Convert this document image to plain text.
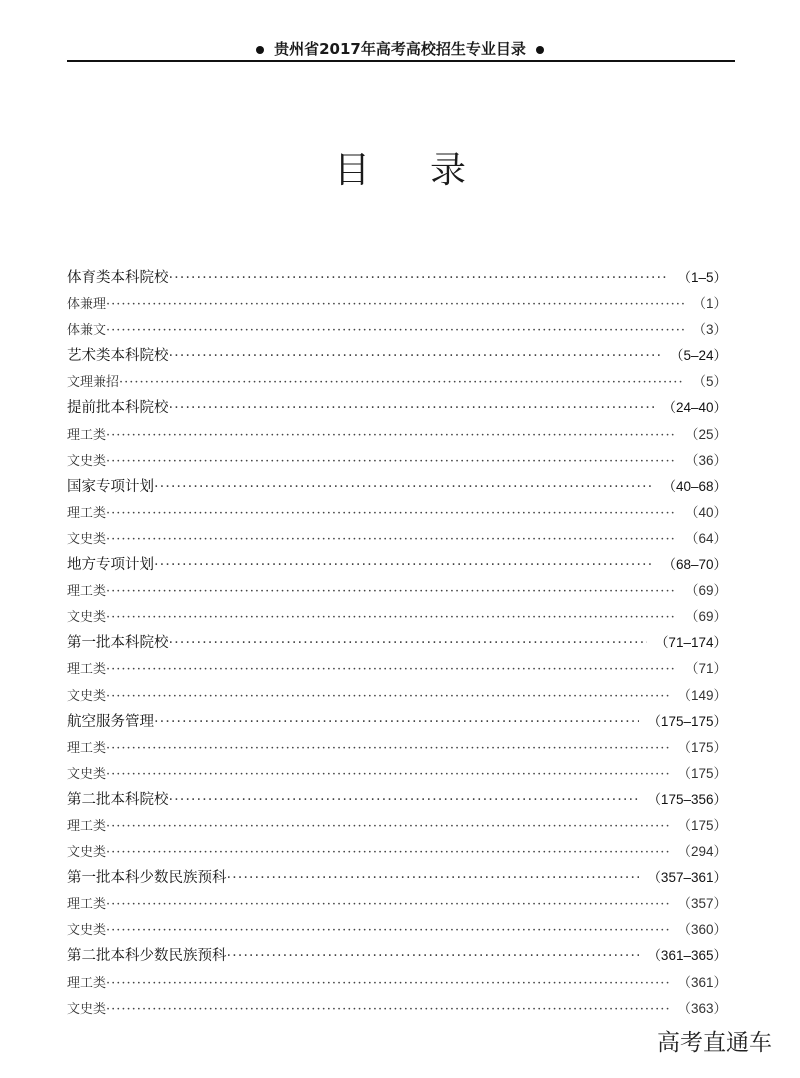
贵州省2017年高考高校招生专业目录
目录
体育类本科院校 ·····	（1–5）
体兼理 ·····	（1）
体兼文 ·····	（3）
艺术类本科院校 ·····	（5–24）
文理兼招 ·····	（5）
提前批本科院校 ·····	（24–40）
理工类 ·····	（25）
文史类 ·····	（36）
国家专项计划 ·····	（40–68）
理工类 ·····	（40）
文史类 ·····	（64）
地方专项计划 ·····	（68–70）
理工类 ·····	（69）
文史类 ·····	（69）
第一批本科院校 ·····	（71–174）
理工类 ·····	（71）
文史类 ·····	（149）
航空服务管理 ·····	（175–175）
理工类 ·····	（175）
文史类 ·····	（175）
第二批本科院校 ·····	（175–356）
理工类 ·····	（175）
文史类 ·····	（294）
第一批本科少数民族预科 ·····	（357–361）
理工类 ·····	（357）
文史类 ·····	（360）
第二批本科少数民族预科 ·····	（361–365）
理工类 ·····	（361）
文史类 ·····	（363）
高考直通车
